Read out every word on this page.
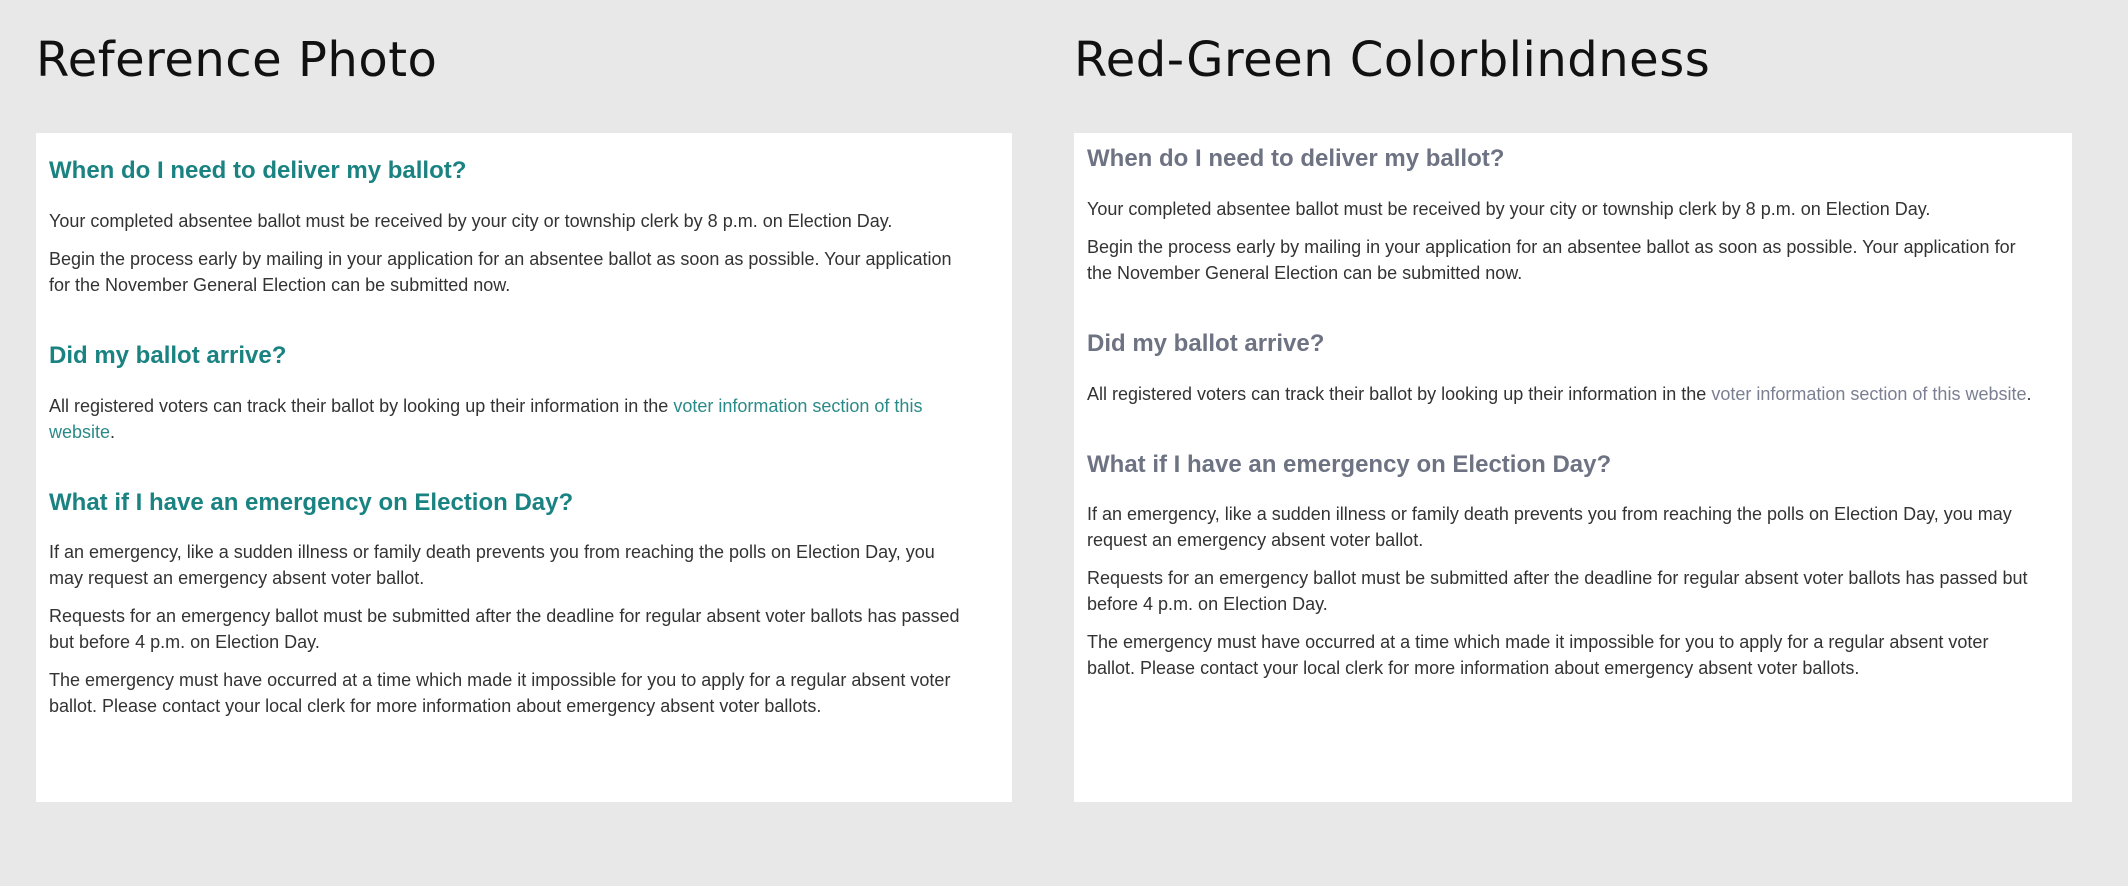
Reference Photo	Red-Green Colorblindness
When do I need to deliver my ballot?

Your completed absentee ballot must be received by your city or township clerk by 8 p.m. on Election Day.

Begin the process early by mailing in your application for an absentee ballot as soon as possible. Your application for the November General Election can be submitted now.

Did my ballot arrive?

All registered voters can track their ballot by looking up their information in the voter information section of this website.

What if I have an emergency on Election Day?

If an emergency, like a sudden illness or family death prevents you from reaching the polls on Election Day, you may request an emergency absent voter ballot.

Requests for an emergency ballot must be submitted after the deadline for regular absent voter ballots has passed but before 4 p.m. on Election Day.

The emergency must have occurred at a time which made it impossible for you to apply for a regular absent voter ballot. Please contact your local clerk for more information about emergency absent voter ballots.

When do I need to deliver my ballot?

Your completed absentee ballot must be received by your city or township clerk by 8 p.m. on Election Day.

Begin the process early by mailing in your application for an absentee ballot as soon as possible. Your application for the November General Election can be submitted now.

Did my ballot arrive?

All registered voters can track their ballot by looking up their information in the voter information section of this website.

What if I have an emergency on Election Day?

If an emergency, like a sudden illness or family death prevents you from reaching the polls on Election Day, you may request an emergency absent voter ballot.

Requests for an emergency ballot must be submitted after the deadline for regular absent voter ballots has passed but before 4 p.m. on Election Day.

The emergency must have occurred at a time which made it impossible for you to apply for a regular absent voter ballot. Please contact your local clerk for more information about emergency absent voter ballots.
